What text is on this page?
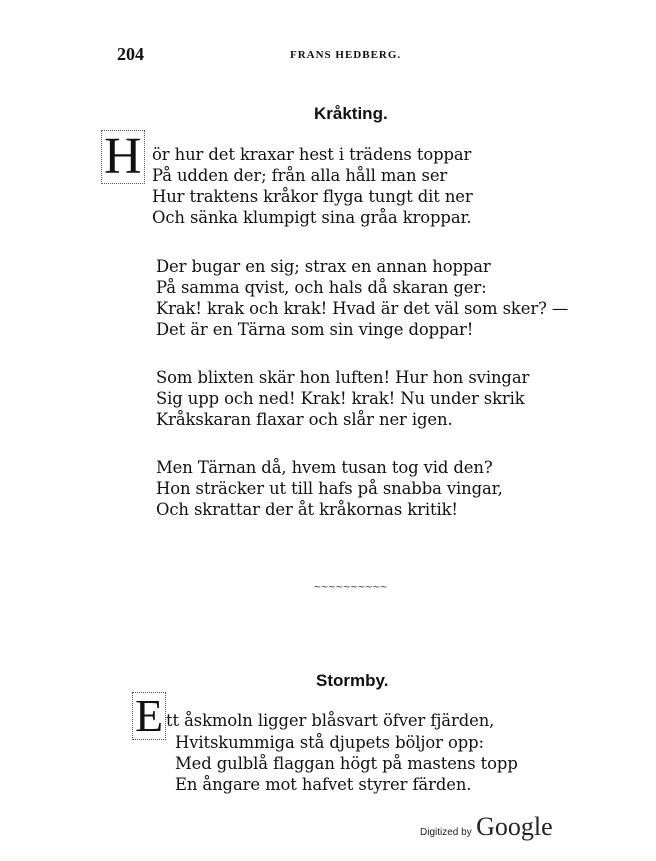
204	FRANS HEDBERG.
Kråkting.
H ör hur det kraxar hest i trädens toppar
På udden der; från alla håll man ser
Hur traktens kråkor flyga tungt dit ner
Och sänka klumpigt sina gråa kroppar.
Der bugar en sig; strax en annan hoppar
På samma qvist, och hals då skaran ger:
Krak! krak och krak! Hvad är det väl som sker? —
Det är en Tärna som sin vinge doppar!
Som blixten skär hon luften! Hur hon svingar
Sig upp och ned! Krak! krak! Nu under skrik
Kråkskaran flaxar och slår ner igen.
Men Tärnan då, hvem tusan tog vid den?
Hon sträcker ut till hafs på snabba vingar,
Och skrattar der åt kråkornas kritik!
~~~~~~~~~~
Stormby.
E tt åskmoln ligger blåsvart öfver fjärden,
Hvitskummiga stå djupets böljor opp:
Med gulblå flaggan högt på mastens topp
En ångare mot hafvet styrer färden.
Digitized by Google
